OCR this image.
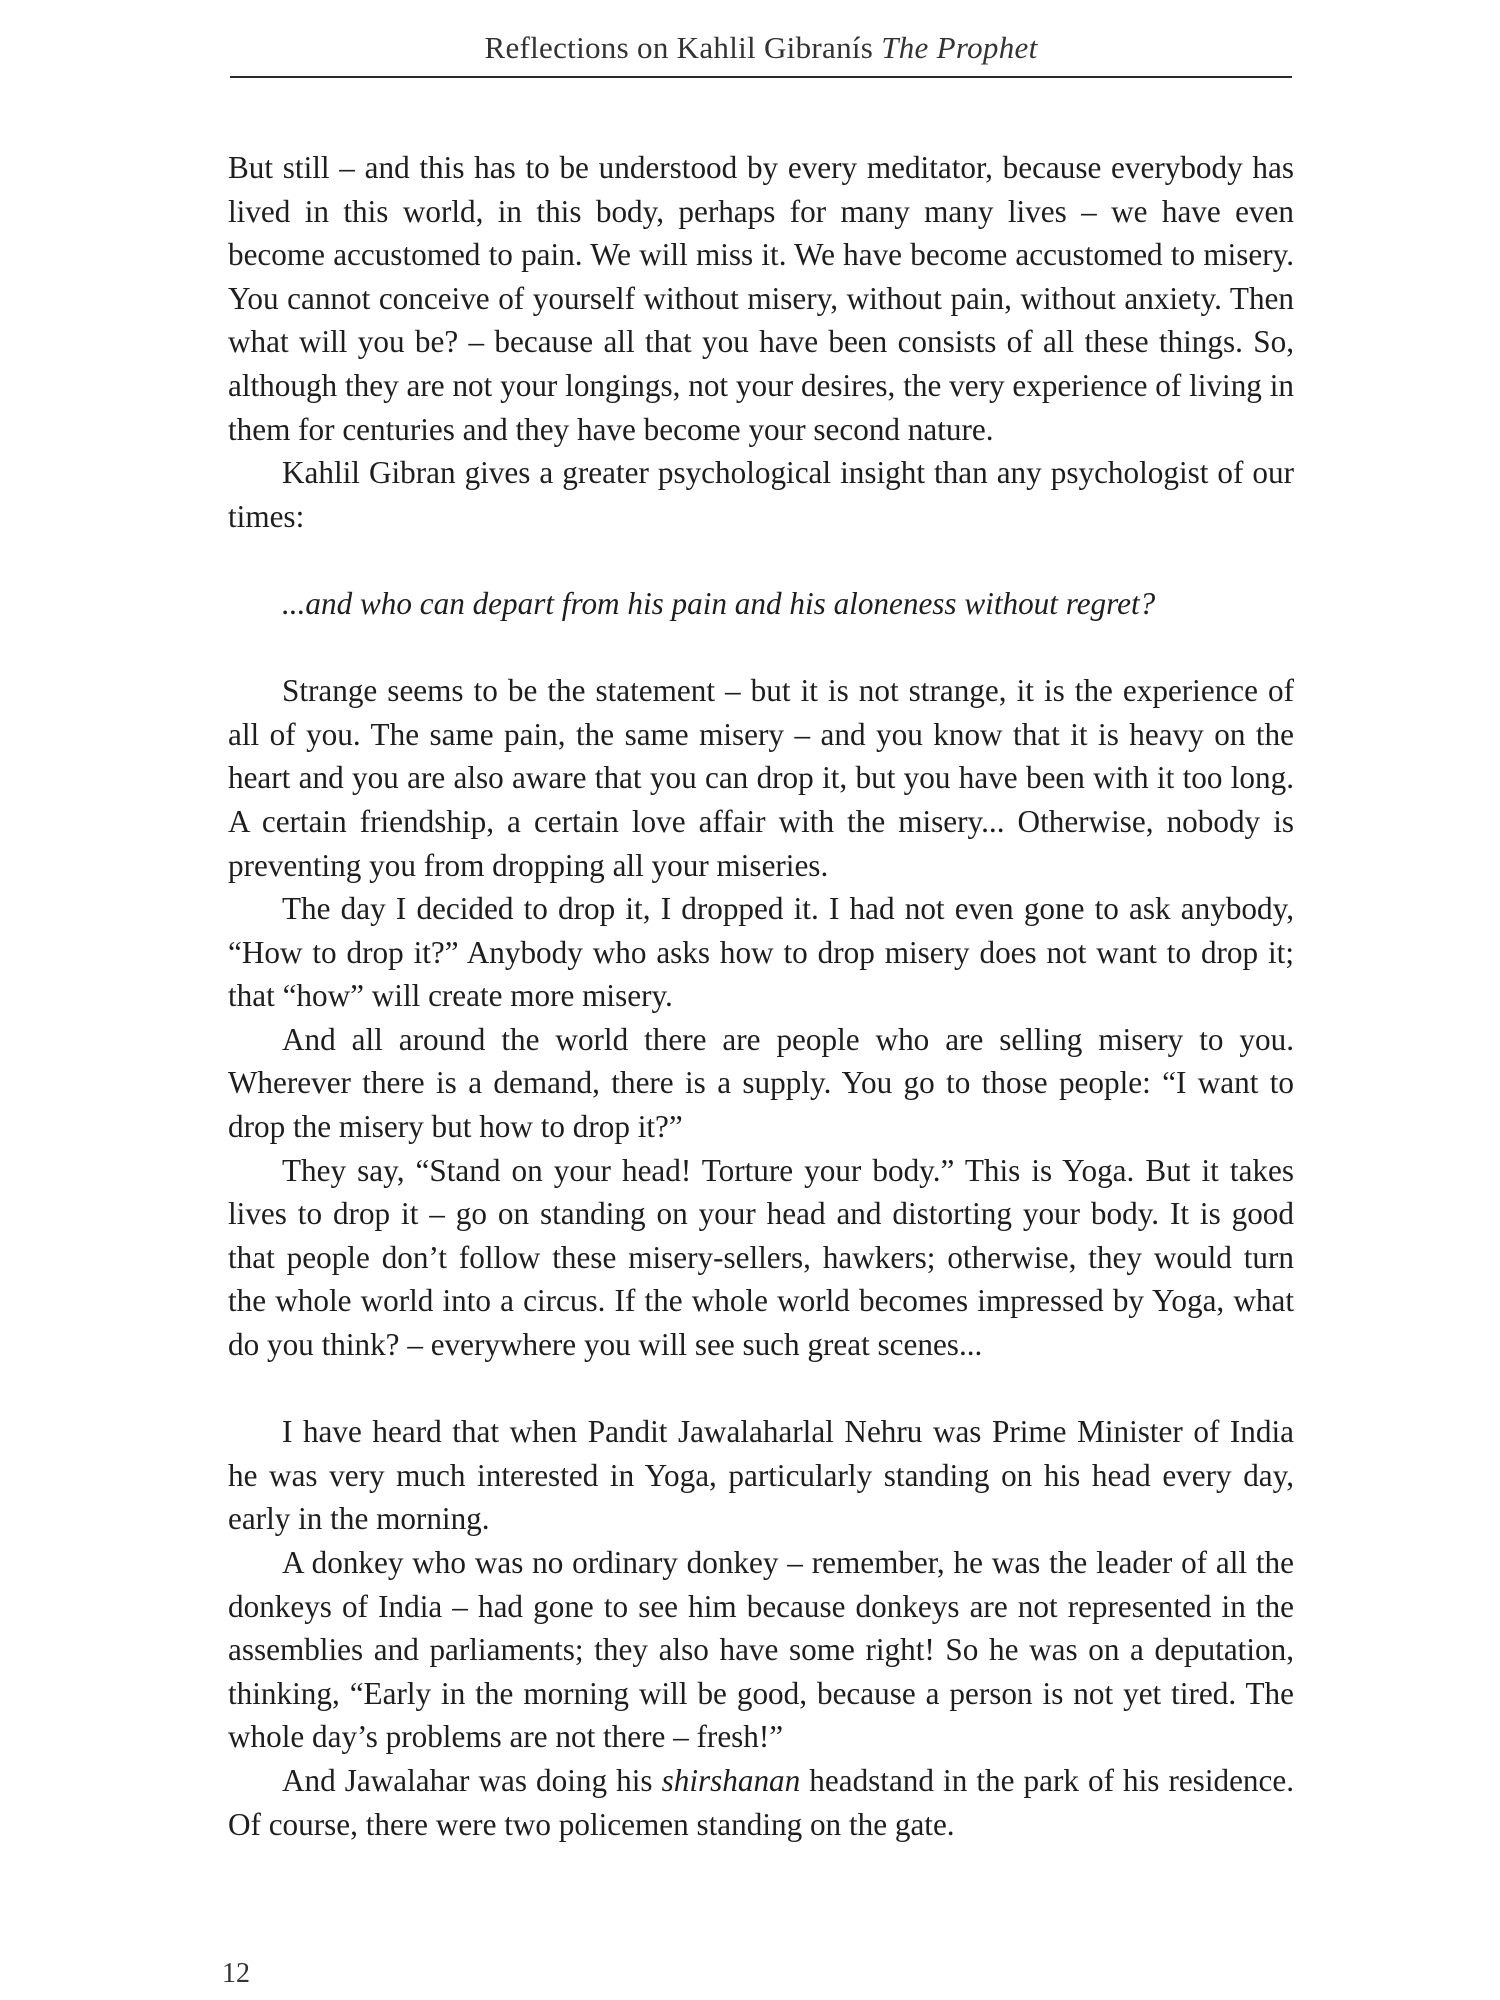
Reflections on Kahlil Gibranís The Prophet

But still – and this has to be understood by every meditator, because everybody has lived in this world, in this body, perhaps for many many lives – we have even become accustomed to pain. We will miss it. We have become accustomed to misery. You cannot conceive of yourself without misery, without pain, without anxiety. Then what will you be? – because all that you have been consists of all these things. So, although they are not your longings, not your desires, the very experience of living in them for centuries and they have become your second nature.

Kahlil Gibran gives a greater psychological insight than any psychologist of our times:

...and who can depart from his pain and his aloneness without regret?

Strange seems to be the statement – but it is not strange, it is the experience of all of you. The same pain, the same misery – and you know that it is heavy on the heart and you are also aware that you can drop it, but you have been with it too long. A certain friendship, a certain love affair with the misery... Otherwise, nobody is preventing you from dropping all your miseries.

The day I decided to drop it, I dropped it. I had not even gone to ask anybody, “How to drop it?” Anybody who asks how to drop misery does not want to drop it; that “how” will create more misery.

And all around the world there are people who are selling misery to you. Wherever there is a demand, there is a supply. You go to those people: “I want to drop the misery but how to drop it?”

They say, “Stand on your head! Torture your body.” This is Yoga. But it takes lives to drop it – go on standing on your head and distorting your body. It is good that people don’t follow these misery-sellers, hawkers; otherwise, they would turn the whole world into a circus. If the whole world becomes impressed by Yoga, what do you think? – everywhere you will see such great scenes...

I have heard that when Pandit Jawalaharlal Nehru was Prime Minister of India he was very much interested in Yoga, particularly standing on his head every day, early in the morning.

A donkey who was no ordinary donkey – remember, he was the leader of all the donkeys of India – had gone to see him because donkeys are not represented in the assemblies and parliaments; they also have some right! So he was on a deputation, thinking, “Early in the morning will be good, because a person is not yet tired. The whole day’s problems are not there – fresh!”

And Jawalahar was doing his shirshanan headstand in the park of his residence. Of course, there were two policemen standing on the gate.

12
